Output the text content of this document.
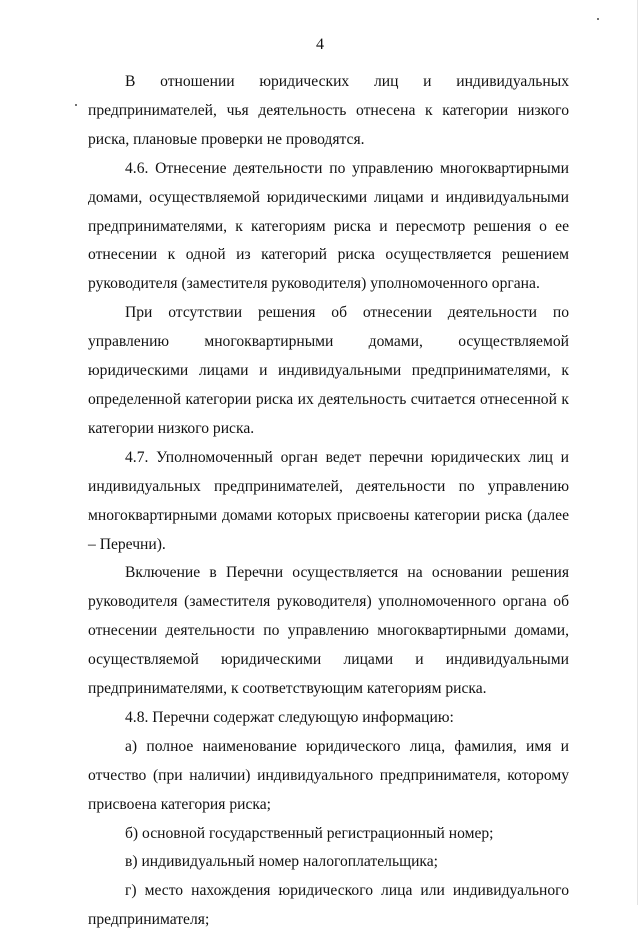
4

В отношении юридических лиц и индивидуальных предпринимателей, чья деятельность отнесена к категории низкого риска, плановые проверки не проводятся.

4.6. Отнесение деятельности по управлению многоквартирными домами, осуществляемой юридическими лицами и индивидуальными предпринимателями, к категориям риска и пересмотр решения о ее отнесении к одной из категорий риска осуществляется решением руководителя (заместителя руководителя) уполномоченного органа.

При отсутствии решения об отнесении деятельности по управлению многоквартирными домами, осуществляемой юридическими лицами и индивидуальными предпринимателями, к определенной категории риска их деятельность считается отнесенной к категории низкого риска.

4.7. Уполномоченный орган ведет перечни юридических лиц и индивидуальных предпринимателей, деятельности по управлению многоквартирными домами которых присвоены категории риска (далее – Перечни).

Включение в Перечни осуществляется на основании решения руководителя (заместителя руководителя) уполномоченного органа об отнесении деятельности по управлению многоквартирными домами, осуществляемой юридическими лицами и индивидуальными предпринимателями, к соответствующим категориям риска.

4.8. Перечни содержат следующую информацию:

а) полное наименование юридического лица, фамилия, имя и отчество (при наличии) индивидуального предпринимателя, которому присвоена категория риска;

б) основной государственный регистрационный номер;

в) индивидуальный номер налогоплательщика;

г) место нахождения юридического лица или индивидуального предпринимателя;
